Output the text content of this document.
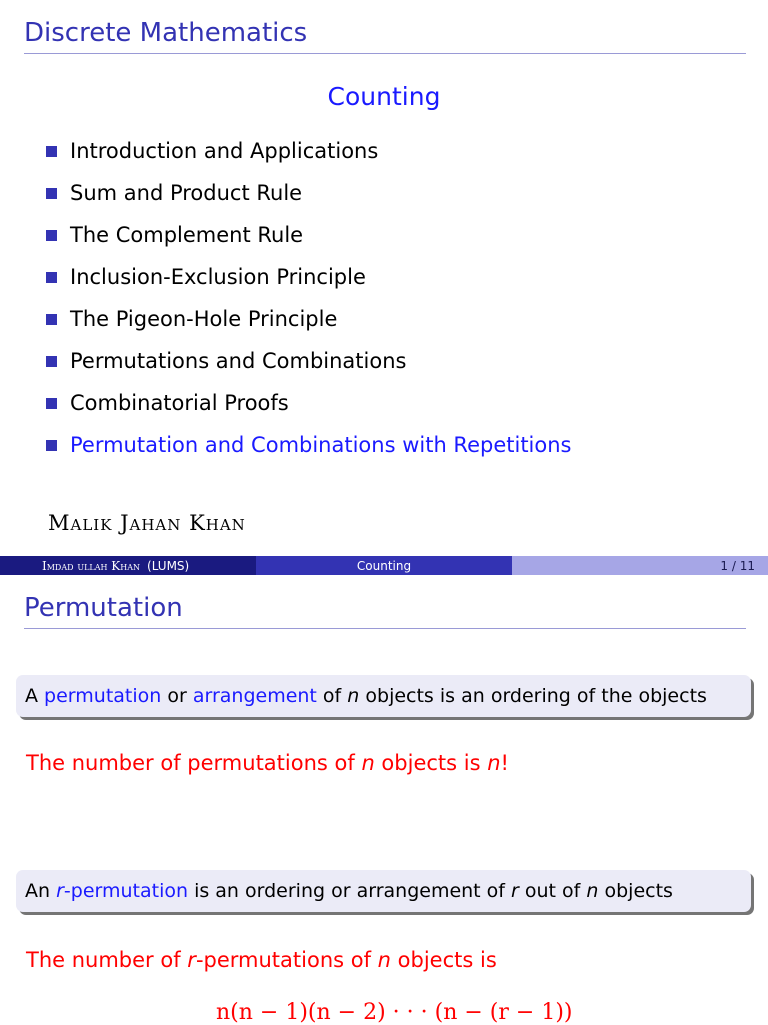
Discrete Mathematics
Counting
Introduction and Applications
Sum and Product Rule
The Complement Rule
Inclusion-Exclusion Principle
The Pigeon-Hole Principle
Permutations and Combinations
Combinatorial Proofs
Permutation and Combinations with Repetitions
Malik Jahan Khan
Imdad ullah Khan (LUMS)	Counting	1 / 11
Permutation
A permutation or arrangement of n objects is an ordering of the objects
The number of permutations of n objects is n!
An r-permutation is an ordering or arrangement of r out of n objects
The number of r-permutations of n objects is
n(n − 1)(n − 2) · · · (n − (r − 1))
